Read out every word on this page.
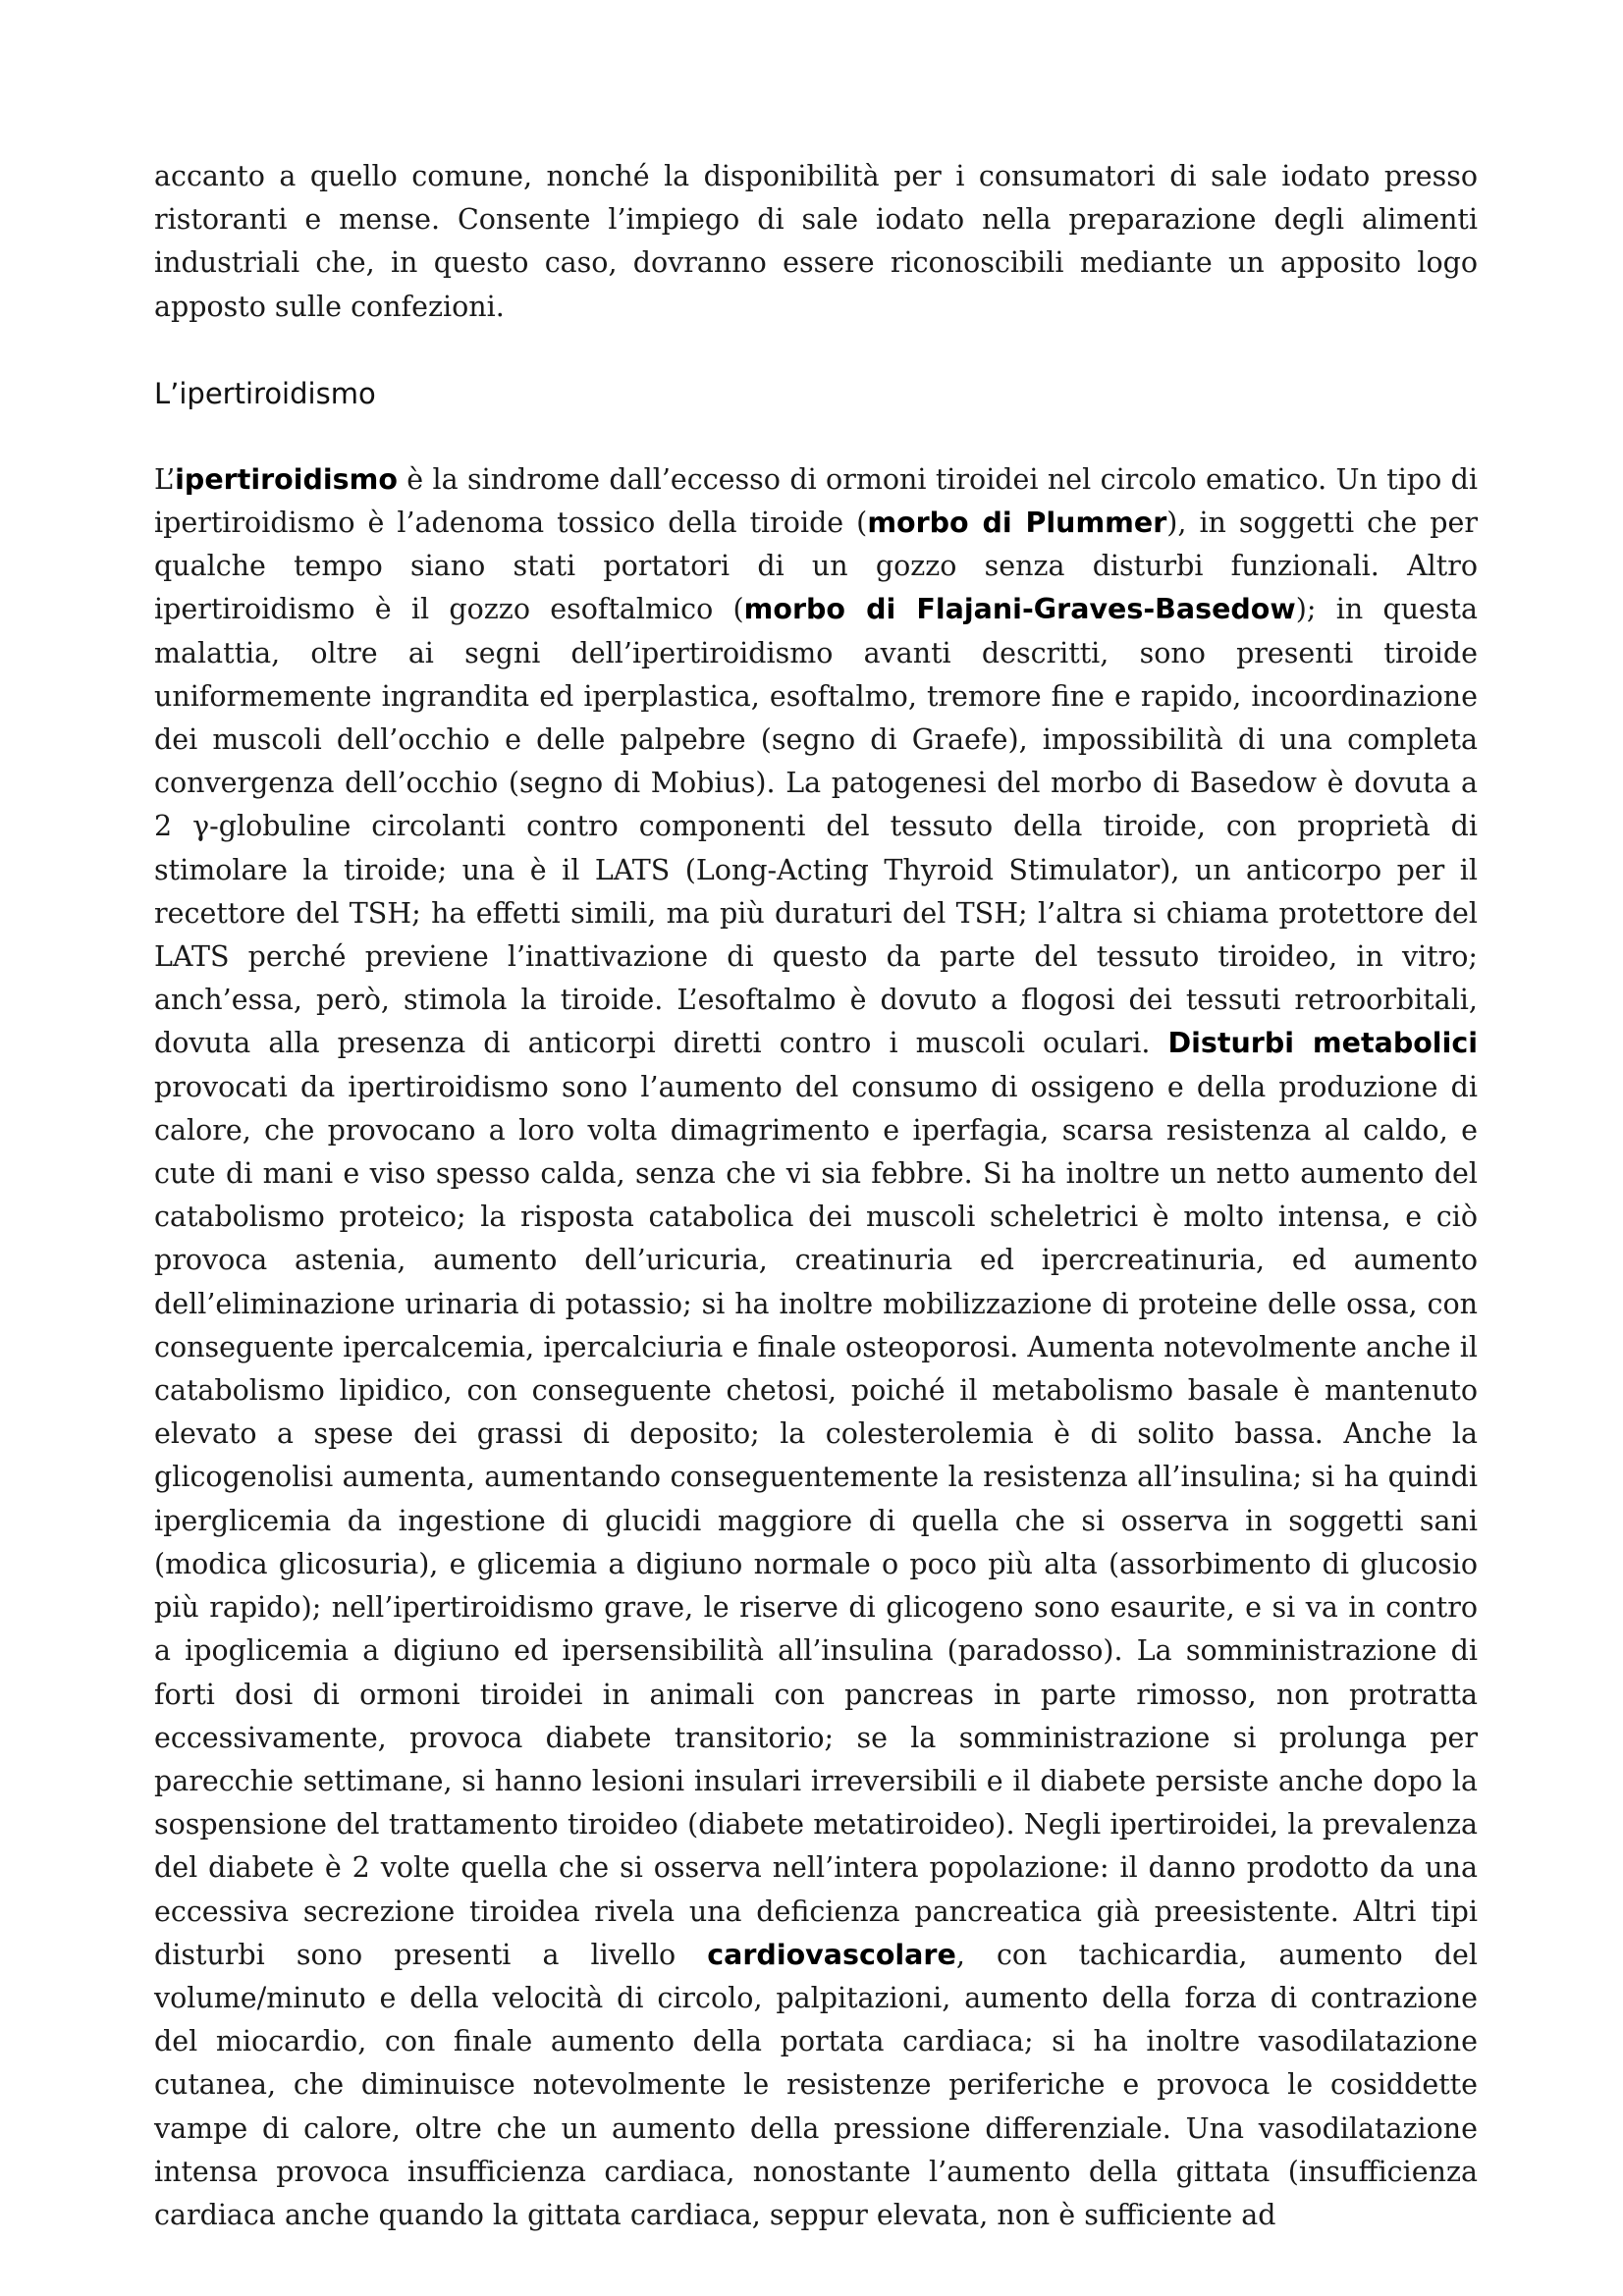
accanto a quello comune, nonché la disponibilità per i consumatori di sale iodato presso ristoranti e mense. Consente l’impiego di sale iodato nella preparazione degli alimenti industriali che, in questo caso, dovranno essere riconoscibili mediante un apposito logo apposto sulle confezioni.

L’ipertiroidismo

L’ipertiroidismo è la sindrome dall’eccesso di ormoni tiroidei nel circolo ematico. Un tipo di ipertiroidismo è l’adenoma tossico della tiroide (morbo di Plummer), in soggetti che per qualche tempo siano stati portatori di un gozzo senza disturbi funzionali. Altro ipertiroidismo è il gozzo esoftalmico (morbo di Flajani-Graves-Basedow); in questa malattia, oltre ai segni dell’ipertiroidismo avanti descritti, sono presenti tiroide uniformemente ingrandita ed iperplastica, esoftalmo, tremore fine e rapido, incoordinazione dei muscoli dell’occhio e delle palpebre (segno di Graefe), impossibilità di una completa convergenza dell’occhio (segno di Mobius). La patogenesi del morbo di Basedow è dovuta a 2 γ-globuline circolanti contro componenti del tessuto della tiroide, con proprietà di stimolare la tiroide; una è il LATS (Long-Acting Thyroid Stimulator), un anticorpo per il recettore del TSH; ha effetti simili, ma più duraturi del TSH; l’altra si chiama protettore del LATS perché previene l’inattivazione di questo da parte del tessuto tiroideo, in vitro; anch’essa, però, stimola la tiroide. L’esoftalmo è dovuto a flogosi dei tessuti retroorbitali, dovuta alla presenza di anticorpi diretti contro i muscoli oculari. Disturbi metabolici provocati da ipertiroidismo sono l’aumento del consumo di ossigeno e della produzione di calore, che provocano a loro volta dimagrimento e iperfagia, scarsa resistenza al caldo, e cute di mani e viso spesso calda, senza che vi sia febbre. Si ha inoltre un netto aumento del catabolismo proteico; la risposta catabolica dei muscoli scheletrici è molto intensa, e ciò provoca astenia, aumento dell’uricuria, creatinuria ed ipercreatinuria, ed aumento dell’eliminazione urinaria di potassio; si ha inoltre mobilizzazione di proteine delle ossa, con conseguente ipercalcemia, ipercalciuria e finale osteoporosi. Aumenta notevolmente anche il catabolismo lipidico, con conseguente chetosi, poiché il metabolismo basale è mantenuto elevato a spese dei grassi di deposito; la colesterolemia è di solito bassa. Anche la glicogenolisi aumenta, aumentando conseguentemente la resistenza all’insulina; si ha quindi iperglicemia da ingestione di glucidi maggiore di quella che si osserva in soggetti sani (modica glicosuria), e glicemia a digiuno normale o poco più alta (assorbimento di glucosio più rapido); nell’ipertiroidismo grave, le riserve di glicogeno sono esaurite, e si va in contro a ipoglicemia a digiuno ed ipersensibilità all’insulina (paradosso). La somministrazione di forti dosi di ormoni tiroidei in animali con pancreas in parte rimosso, non protratta eccessivamente, provoca diabete transitorio; se la somministrazione si prolunga per parecchie settimane, si hanno lesioni insulari irreversibili e il diabete persiste anche dopo la sospensione del trattamento tiroideo (diabete metatiroideo). Negli ipertiroidei, la prevalenza del diabete è 2 volte quella che si osserva nell’intera popolazione: il danno prodotto da una eccessiva secrezione tiroidea rivela una deficienza pancreatica già preesistente. Altri tipi disturbi sono presenti a livello cardiovascolare, con tachicardia, aumento del volume/minuto e della velocità di circolo, palpitazioni, aumento della forza di contrazione del miocardio, con finale aumento della portata cardiaca; si ha inoltre vasodilatazione cutanea, che diminuisce notevolmente le resistenze periferiche e provoca le cosiddette vampe di calore, oltre che un aumento della pressione differenziale. Una vasodilatazione intensa provoca insufficienza cardiaca, nonostante l’aumento della gittata (insufficienza cardiaca anche quando la gittata cardiaca, seppur elevata, non è sufficiente ad
